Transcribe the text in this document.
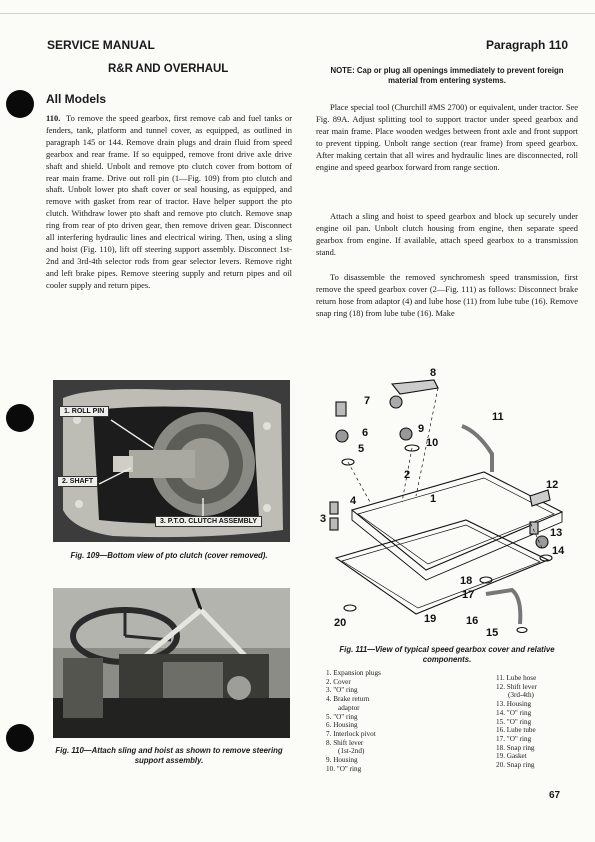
SERVICE MANUAL	Paragraph 110
R&R AND OVERHAUL
All Models
110. To remove the speed gearbox, first remove cab and fuel tanks or fenders, tank, platform and tunnel cover, as equipped, as outlined in paragraph 145 or 144. Remove drain plugs and drain fluid from speed gearbox and rear frame. If so equipped, remove front drive axle drive shaft and shield. Unbolt and remove pto clutch cover from bottom of rear main frame. Drive out roll pin (1—Fig. 109) from pto clutch and shaft. Unbolt lower pto shaft cover or seal housing, as equipped, and remove with gasket from rear of tractor. Have helper support the pto clutch. Withdraw lower pto shaft and remove pto clutch. Remove snap ring from rear of pto driven gear, then remove driven gear. Disconnect all interfering hydraulic lines and electrical wiring. Then, using a sling and hoist (Fig. 110), lift off steering support assembly. Disconnect 1st-2nd and 3rd-4th selector rods from gear selector levers. Remove right and left brake pipes. Remove steering supply and return pipes and oil cooler supply and return pipes.
NOTE: Cap or plug all openings immediately to prevent foreign material from entering systems.
Place special tool (Churchill #MS 2700) or equivalent, under tractor. See Fig. 89A. Adjust splitting tool to support tractor under speed gearbox and rear main frame. Place wooden wedges between front axle and front support to prevent tipping. Unbolt range section (rear frame) from speed gearbox. After making certain that all wires and hydraulic lines are disconnected, roll engine and speed gearbox forward from range section.
Attach a sling and hoist to speed gearbox and block up securely under engine oil pan. Unbolt clutch housing from engine, then separate speed gearbox from engine. If available, attach speed gearbox to a transmission stand.
To disassemble the removed synchromesh speed transmission, first remove the speed gearbox cover (2—Fig. 111) as follows: Disconnect brake return hose from adaptor (4) and lube hose (11) from lube tube (16). Remove snap ring (18) from lube tube (16). Make
1. ROLL PIN
2. SHAFT
3. P.T.O. CLUTCH ASSEMBLY
Fig. 109—Bottom view of pto clutch (cover removed).
Fig. 110—Attach sling and hoist as shown to remove steering support assembly.
1
2
3
4
5
6
7
8
9
10
11
12
13
14
15
16
17
18
19
20
Fig. 111—View of typical speed gearbox cover and relative components.
1. Expansion plugs
2. Cover
3. "O" ring
4. Brake return
adaptor
5. "O" ring
6. Housing
7. Interlock pivot
8. Shift lever
(1st-2nd)
9. Housing
10. "O" ring
11. Lube hose
12. Shift lever
(3rd-4th)
13. Housing
14. "O" ring
15. "O" ring
16. Lube tube
17. "O" ring
18. Snap ring
19. Gasket
20. Snap ring
67
